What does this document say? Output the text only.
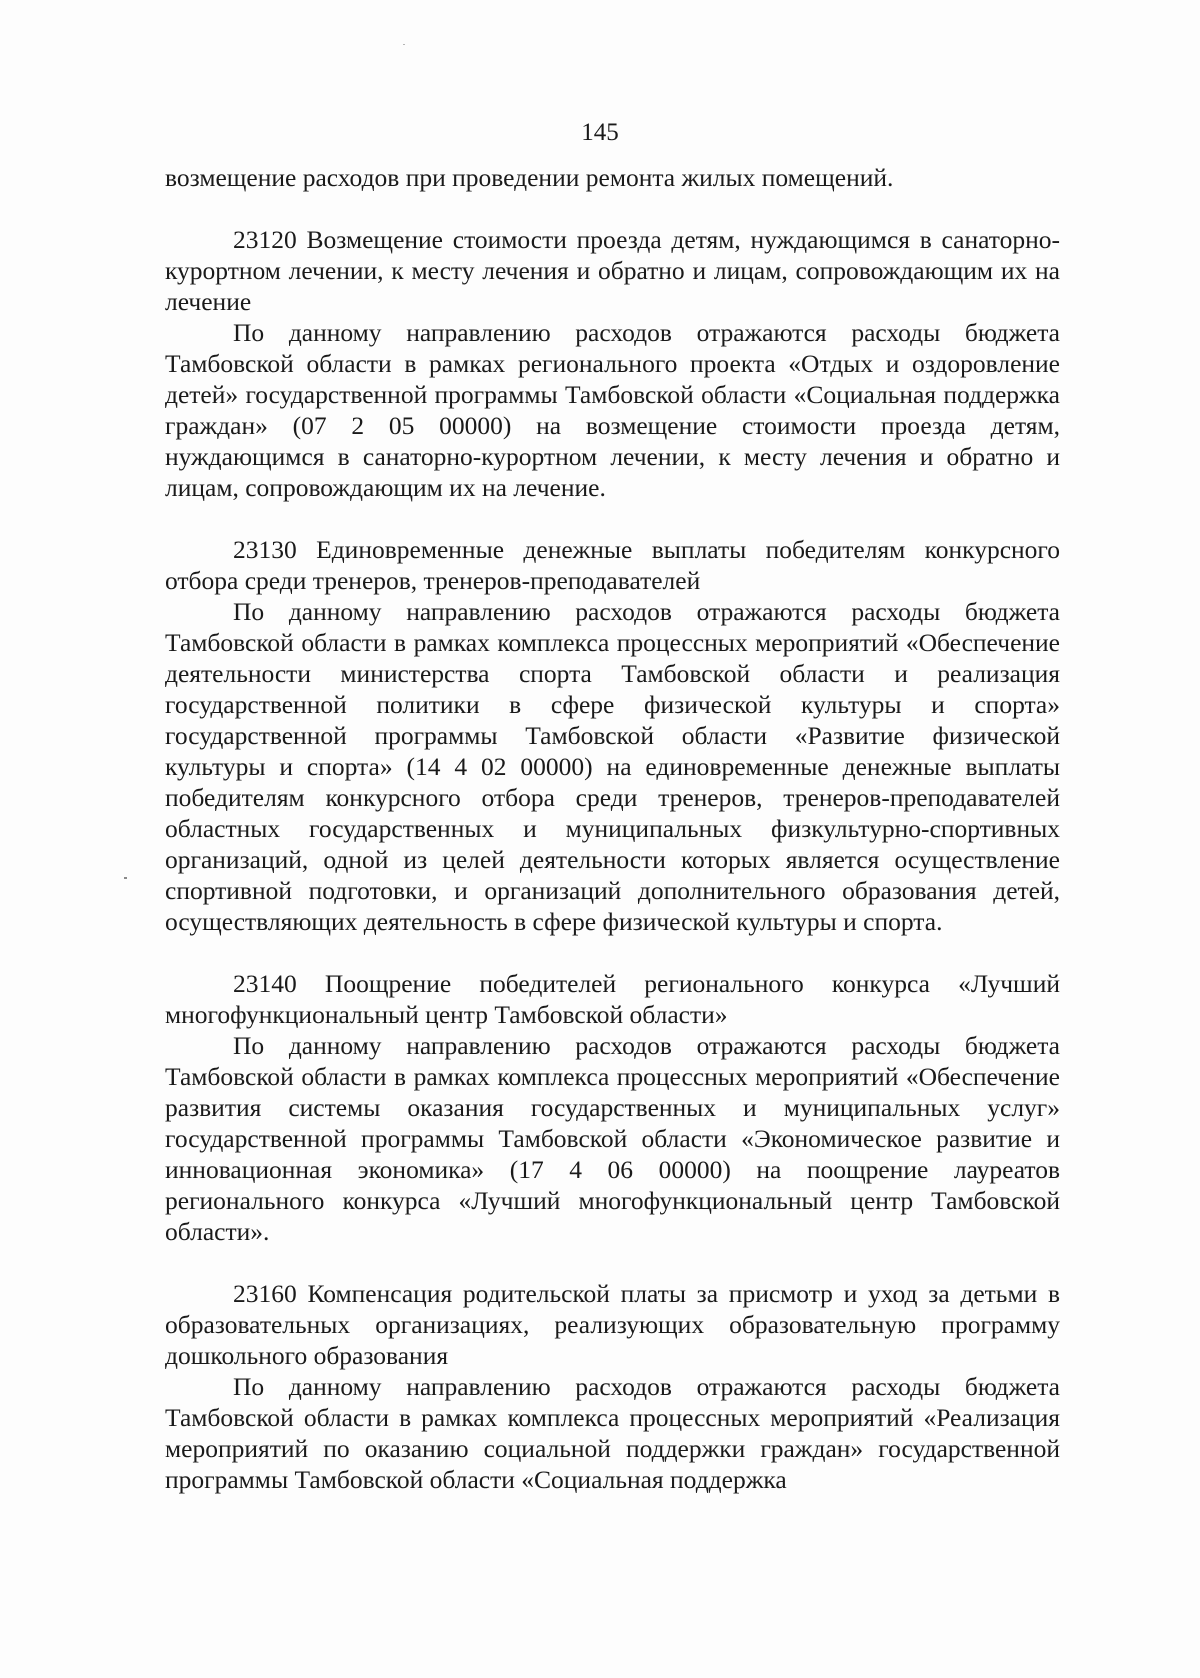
145

возмещение расходов при проведении ремонта жилых помещений.

23120 Возмещение стоимости проезда детям, нуждающимся в санаторно-курортном лечении, к месту лечения и обратно и лицам, сопровождающим их на лечение

По данному направлению расходов отражаются расходы бюджета Тамбовской области в рамках регионального проекта «Отдых и оздоровление детей» государственной программы Тамбовской области «Социальная поддержка граждан» (07 2 05 00000) на возмещение стоимости проезда детям, нуждающимся в санаторно-курортном лечении, к месту лечения и обратно и лицам, сопровождающим их на лечение.

23130 Единовременные денежные выплаты победителям конкурсного отбора среди тренеров, тренеров-преподавателей

По данному направлению расходов отражаются расходы бюджета Тамбовской области в рамках комплекса процессных мероприятий «Обеспечение деятельности министерства спорта Тамбовской области и реализация государственной политики в сфере физической культуры и спорта» государственной программы Тамбовской области «Развитие физической культуры и спорта» (14 4 02 00000) на единовременные денежные выплаты победителям конкурсного отбора среди тренеров, тренеров-преподавателей областных государственных и муниципальных физкультурно-спортивных организаций, одной из целей деятельности которых является осуществление спортивной подготовки, и организаций дополнительного образования детей, осуществляющих деятельность в сфере физической культуры и спорта.

23140 Поощрение победителей регионального конкурса «Лучший многофункциональный центр Тамбовской области»

По данному направлению расходов отражаются расходы бюджета Тамбовской области в рамках комплекса процессных мероприятий «Обеспечение развития системы оказания государственных и муниципальных услуг» государственной программы Тамбовской области «Экономическое развитие и инновационная экономика» (17 4 06 00000) на поощрение лауреатов регионального конкурса «Лучший многофункциональный центр Тамбовской области».

23160 Компенсация родительской платы за присмотр и уход за детьми в образовательных организациях, реализующих образовательную программу дошкольного образования

По данному направлению расходов отражаются расходы бюджета Тамбовской области в рамках комплекса процессных мероприятий «Реализация мероприятий по оказанию социальной поддержки граждан» государственной программы Тамбовской области «Социальная поддержка
